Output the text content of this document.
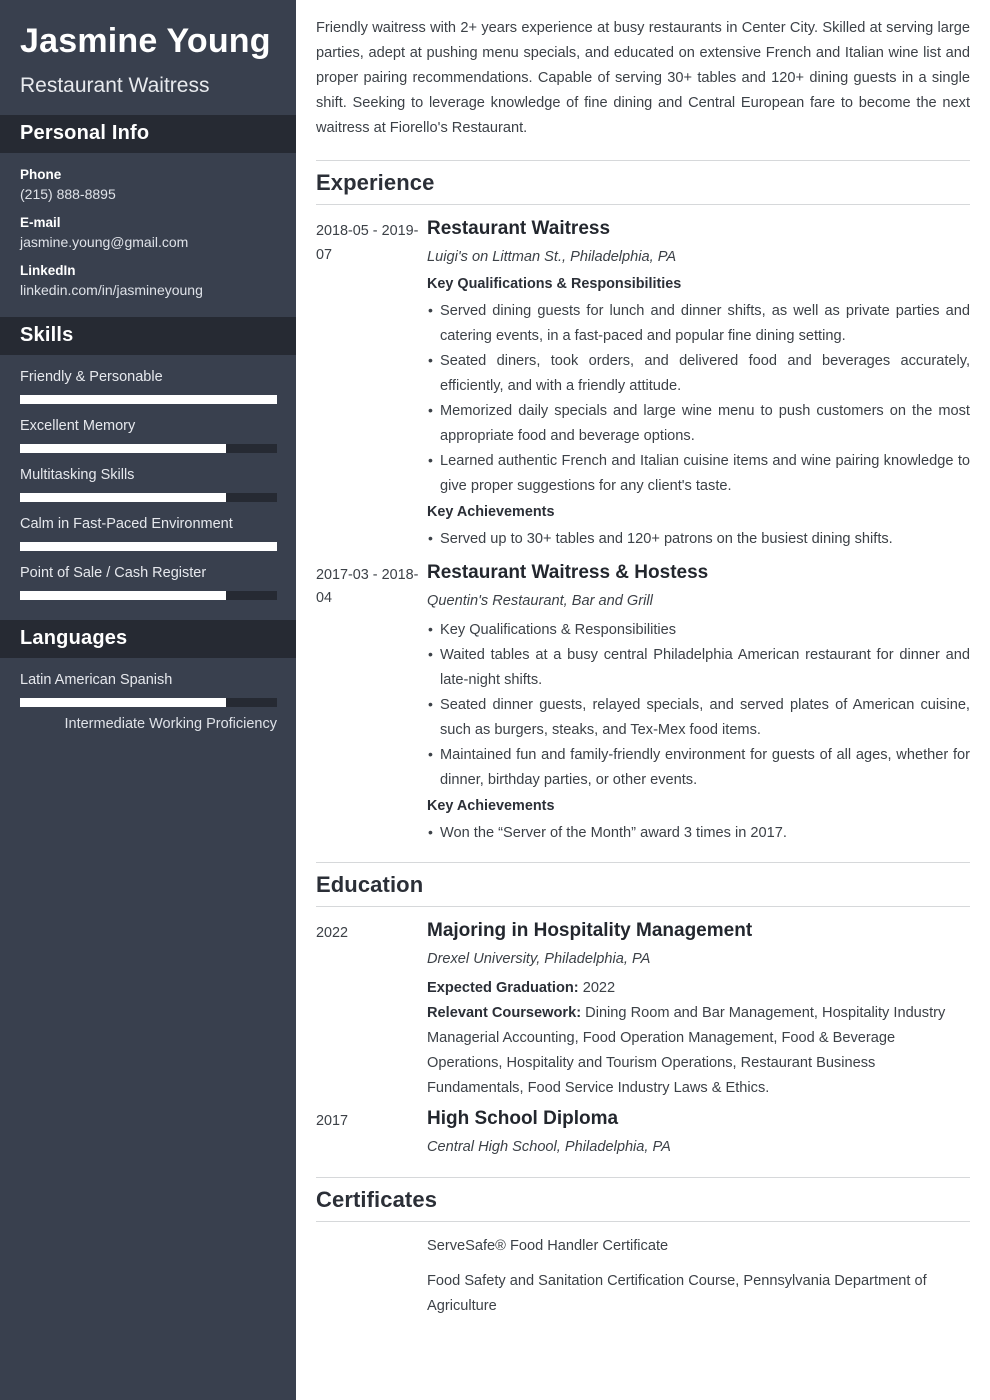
Jasmine Young
Restaurant Waitress
Personal Info
Phone
(215) 888-8895
E-mail
jasmine.young@gmail.com
LinkedIn
linkedin.com/in/jasmineyoung
Skills
Friendly & Personable
Excellent Memory
Multitasking Skills
Calm in Fast-Paced Environment
Point of Sale / Cash Register
Languages
Latin American Spanish
Intermediate Working Proficiency

Friendly waitress with 2+ years experience at busy restaurants in Center City. Skilled at serving large parties, adept at pushing menu specials, and educated on extensive French and Italian wine list and proper pairing recommendations. Capable of serving 30+ tables and 120+ dining guests in a single shift. Seeking to leverage knowledge of fine dining and Central European fare to become the next waitress at Fiorello's Restaurant.

Experience
2018-05 - 2019-07
Restaurant Waitress
Luigi's on Littman St., Philadelphia, PA
Key Qualifications & Responsibilities
• Served dining guests for lunch and dinner shifts, as well as private parties and catering events, in a fast-paced and popular fine dining setting.
• Seated diners, took orders, and delivered food and beverages accurately, efficiently, and with a friendly attitude.
• Memorized daily specials and large wine menu to push customers on the most appropriate food and beverage options.
• Learned authentic French and Italian cuisine items and wine pairing knowledge to give proper suggestions for any client's taste.
Key Achievements
• Served up to 30+ tables and 120+ patrons on the busiest dining shifts.
2017-03 - 2018-04
Restaurant Waitress & Hostess
Quentin's Restaurant, Bar and Grill
• Key Qualifications & Responsibilities
• Waited tables at a busy central Philadelphia American restaurant for dinner and late-night shifts.
• Seated dinner guests, relayed specials, and served plates of American cuisine, such as burgers, steaks, and Tex-Mex food items.
• Maintained fun and family-friendly environment for guests of all ages, whether for dinner, birthday parties, or other events.
Key Achievements
• Won the “Server of the Month” award 3 times in 2017.
Education
2022	Majoring in Hospitality Management
Drexel University, Philadelphia, PA
Expected Graduation: 2022
Relevant Coursework: Dining Room and Bar Management, Hospitality Industry Managerial Accounting, Food Operation Management, Food & Beverage Operations, Hospitality and Tourism Operations, Restaurant Business Fundamentals, Food Service Industry Laws & Ethics.
2017	High School Diploma
Central High School, Philadelphia, PA
Certificates
ServeSafe® Food Handler Certificate
Food Safety and Sanitation Certification Course, Pennsylvania Department of Agriculture
